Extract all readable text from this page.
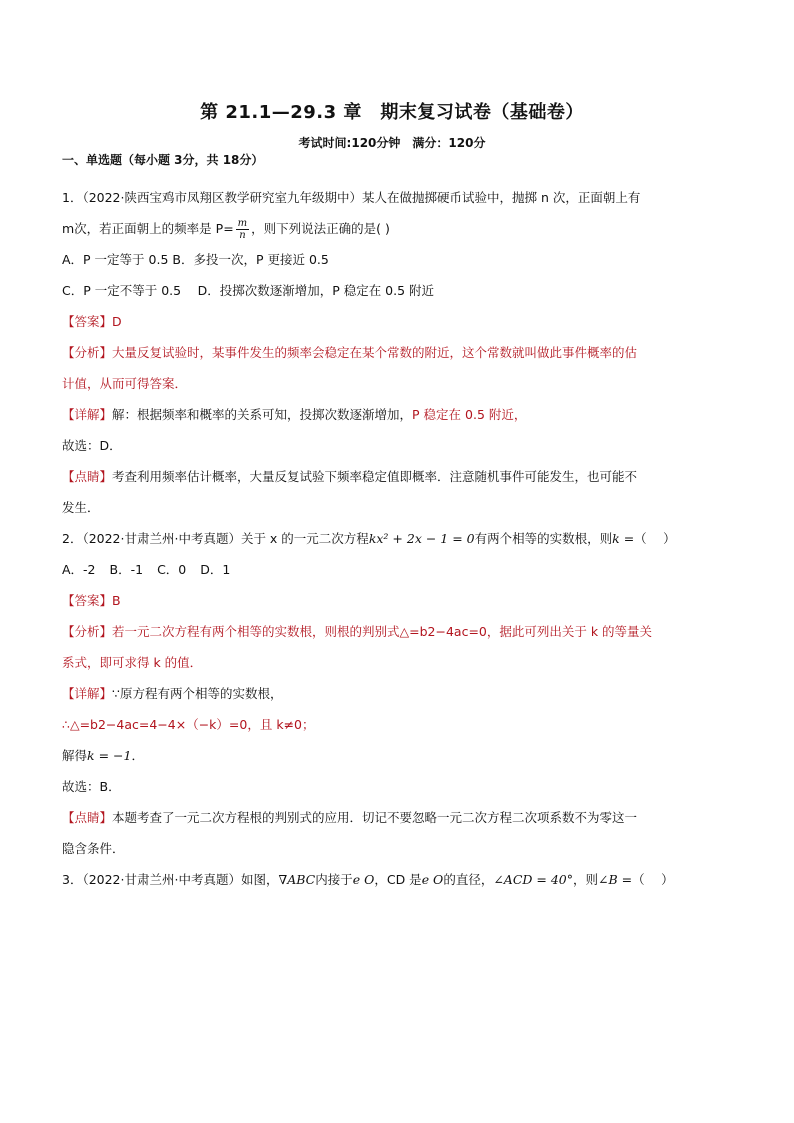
第 21.1—29.3 章　期末复习试卷（基础卷）

考试时间:120分钟　满分：120分

一、单选题（每小题 3分，共 18分）

1．（2022·陕西宝鸡市凤翔区教学研究室九年级期中）某人在做抛掷硬币试验中，抛掷 n 次，正面朝上有

m次，若正面朝上的频率是 $P= \frac{m}{n}$ ，则下列说法正确的是( )

A．P 一定等于 0.5 B．多投一次，P 更接近 0.5

C．P 一定不等于 0.5　 D．投掷次数逐渐增加，P 稳定在 0.5 附近

【答案】D

【分析】大量反复试验时，某事件发生的频率会稳定在某个常数的附近，这个常数就叫做此事件概率的估

计值，从而可得答案．

【详解】解：根据频率和概率的关系可知，投掷次数逐渐增加，P 稳定在 0.5 附近，

故选：D．

【点睛】考查利用频率估计概率，大量反复试验下频率稳定值即概率．注意随机事件可能发生，也可能不

发生．

2．（2022·甘肃兰州·中考真题）关于 x 的一元二次方程kx² + 2x − 1 = 0有两个相等的实数根，则k =（　 ）

A．-2 B．-1 C．0 D．1

【答案】B

【分析】若一元二次方程有两个相等的实数根，则根的判别式△=b2−4ac=0，据此可列出关于 k 的等量关

系式，即可求得 k 的值．

【详解】∵原方程有两个相等的实数根，

∴△=b2−4ac=4−4×（−k）=0，且 k≠0；

解得k = −1．

故选：B．

【点睛】本题考查了一元二次方程根的判别式的应用．切记不要忽略一元二次方程二次项系数不为零这一

隐含条件．

3．（2022·甘肃兰州·中考真题）如图，∇ABC内接于e O，CD 是e O的直径，∠ACD = 40°，则∠B =（　 ）
